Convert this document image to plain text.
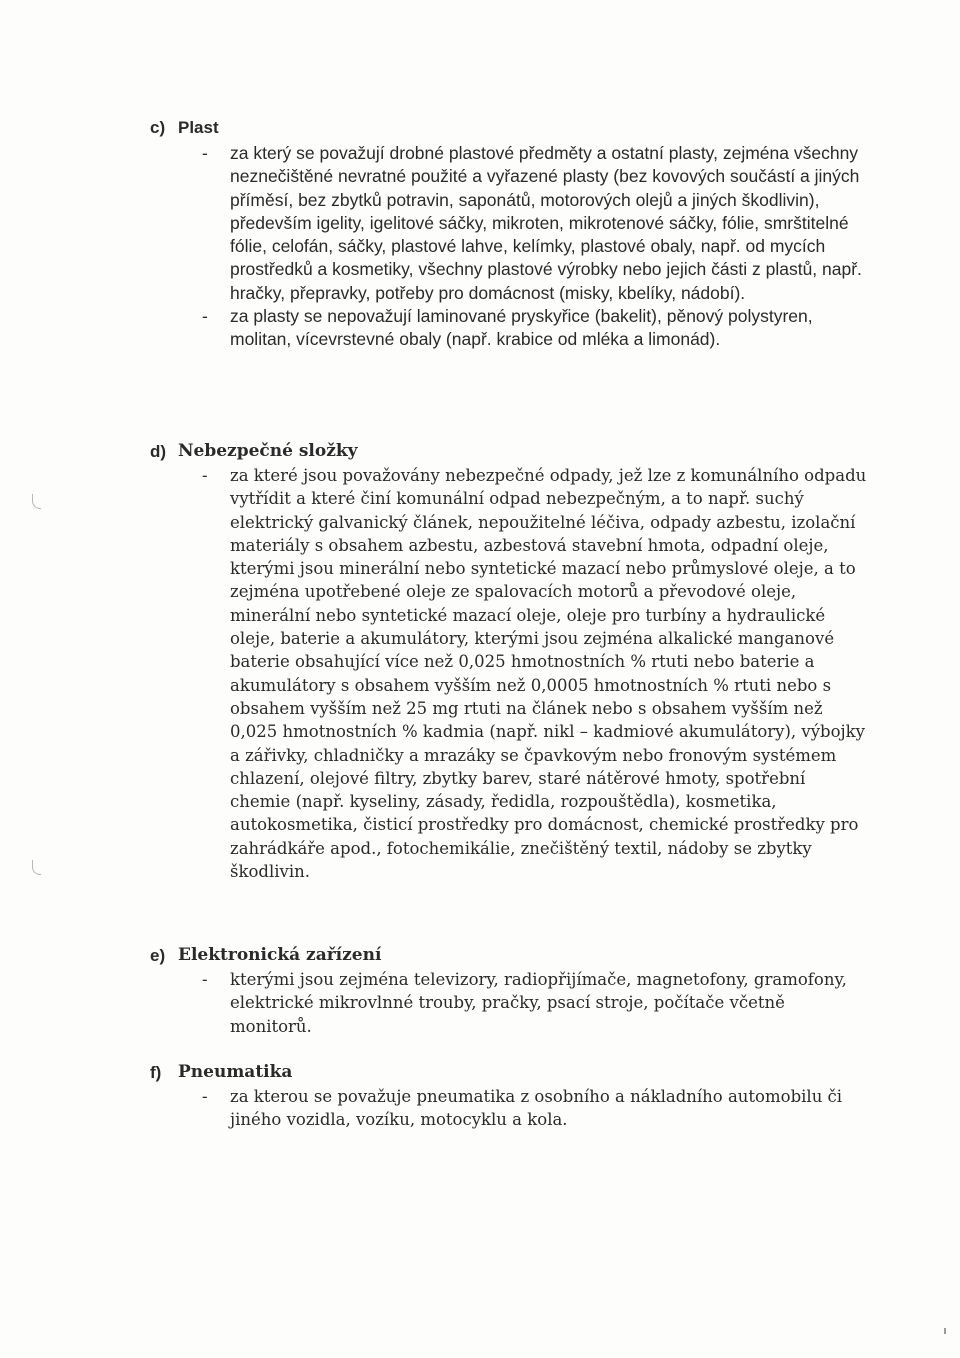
c) Plast

- za který se považují drobné plastové předměty a ostatní plasty, zejména všechny neznečištěné nevratné použité a vyřazené plasty (bez kovových součástí a jiných příměsí, bez zbytků potravin, saponátů, motorových olejů a jiných škodlivin), především igelity, igelitové sáčky, mikroten, mikrotenové sáčky, fólie, smrštitelné fólie, celofán, sáčky, plastové lahve, kelímky, plastové obaly, např. od mycích prostředků a kosmetiky, všechny plastové výrobky nebo jejich části z plastů, např. hračky, přepravky, potřeby pro domácnost (misky, kbelíky, nádobí).

- za plasty se nepovažují laminované pryskyřice (bakelit), pěnový polystyren, molitan, vícevrstevné obaly (např. krabice od mléka a limonád).

d) Nebezpečné složky

- za které jsou považovány nebezpečné odpady, jež lze z komunálního odpadu vytřídit a které činí komunální odpad nebezpečným, a to např. suchý elektrický galvanický článek, nepoužitelné léčiva, odpady azbestu, izolační materiály s obsahem azbestu, azbestová stavební hmota, odpadní oleje, kterými jsou minerální nebo syntetické mazací nebo průmyslové oleje, a to zejména upotřebené oleje ze spalovacích motorů a převodové oleje, minerální nebo syntetické mazací oleje, oleje pro turbíny a hydraulické oleje, baterie a akumulátory, kterými jsou zejména alkalické manganové baterie obsahující více než 0,025 hmotnostních % rtuti nebo baterie a akumulátory s obsahem vyšším než 0,0005 hmotnostních % rtuti nebo s obsahem vyšším než 25 mg rtuti na článek nebo s obsahem vyšším než 0,025 hmotnostních % kadmia (např. nikl – kadmiové akumulátory), výbojky a zářivky, chladničky a mrazáky se čpavkovým nebo fronovým systémem chlazení, olejové filtry, zbytky barev, staré nátěrové hmoty, spotřební chemie (např. kyseliny, zásady, ředidla, rozpouštědla), kosmetika, autokosmetika, čisticí prostředky pro domácnost, chemické prostředky pro zahrádkáře apod., fotochemikálie, znečištěný textil, nádoby se zbytky škodlivin.

e) Elektronická zařízení

- kterými jsou zejména televizory, radiopřijímače, magnetofony, gramofony, elektrické mikrovlnné trouby, pračky, psací stroje, počítače včetně monitorů.

f) Pneumatika

- za kterou se považuje pneumatika z osobního a nákladního automobilu či jiného vozidla, vozíku, motocyklu a kola.
